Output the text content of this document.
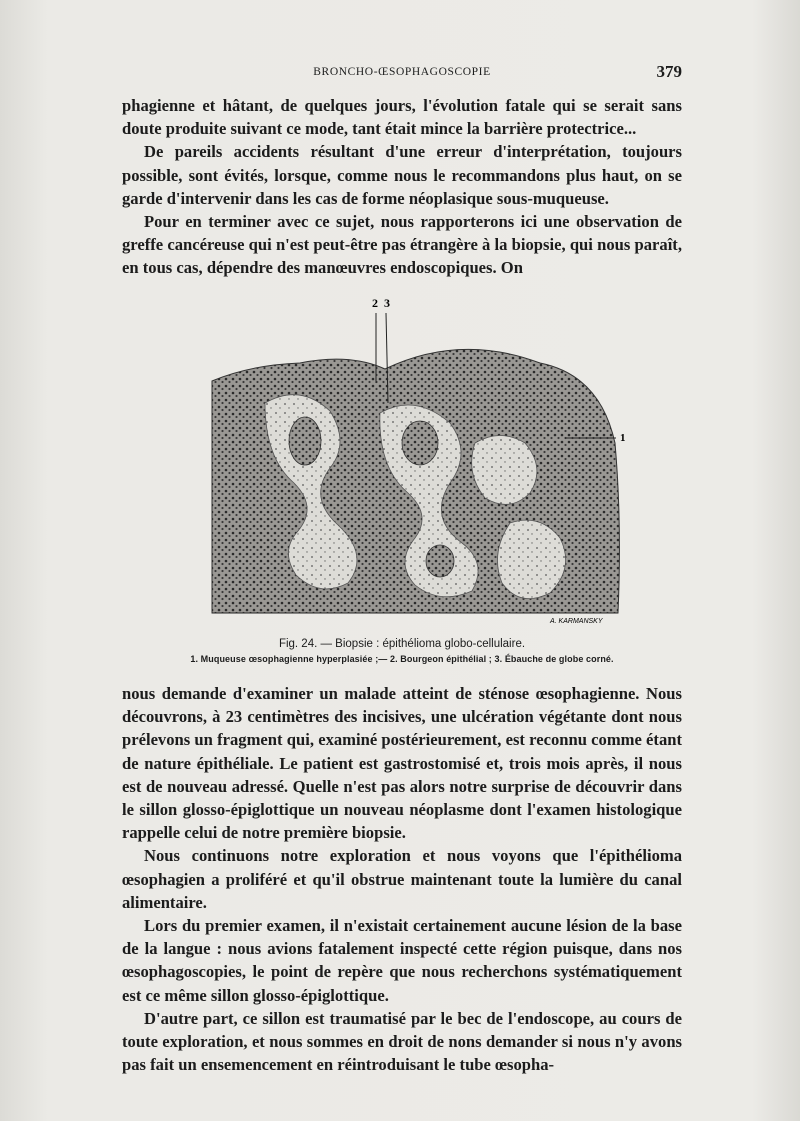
BRONCHO-ŒSOPHAGOSCOPIE	379

phagienne et hâtant, de quelques jours, l'évolution fatale qui se serait sans doute produite suivant ce mode, tant était mince la barrière protectrice...

De pareils accidents résultant d'une erreur d'interprétation, toujours possible, sont évités, lorsque, comme nous le recommandons plus haut, on se garde d'intervenir dans les cas de forme néoplasique sous-muqueuse.

Pour en terminer avec ce sujet, nous rapporterons ici une observation de greffe cancéreuse qui n'est peut-être pas étrangère à la biopsie, qui nous paraît, en tous cas, dépendre des manœuvres endoscopiques. On

2 3
1
A. KARMANSKY
Fig. 24. — Biopsie : épithélioma globo-cellulaire.
1. Muqueuse œsophagienne hyperplasiée ;— 2. Bourgeon épithélial ; 3. Ébauche de globe corné.

nous demande d'examiner un malade atteint de sténose œsophagienne. Nous découvrons, à 23 centimètres des incisives, une ulcération végétante dont nous prélevons un fragment qui, examiné postérieurement, est reconnu comme étant de nature épithéliale. Le patient est gastrostomisé et, trois mois après, il nous est de nouveau adressé. Quelle n'est pas alors notre surprise de découvrir dans le sillon glosso-épiglottique un nouveau néoplasme dont l'examen histologique rappelle celui de notre première biopsie.

Nous continuons notre exploration et nous voyons que l'épithélioma œsophagien a proliféré et qu'il obstrue maintenant toute la lumière du canal alimentaire.

Lors du premier examen, il n'existait certainement aucune lésion de la base de la langue : nous avions fatalement inspecté cette région puisque, dans nos œsophagoscopies, le point de repère que nous recherchons systématiquement est ce même sillon glosso-épiglottique.

D'autre part, ce sillon est traumatisé par le bec de l'endoscope, au cours de toute exploration, et nous sommes en droit de nons demander si nous n'y avons pas fait un ensemencement en réintroduisant le tube œsopha-
